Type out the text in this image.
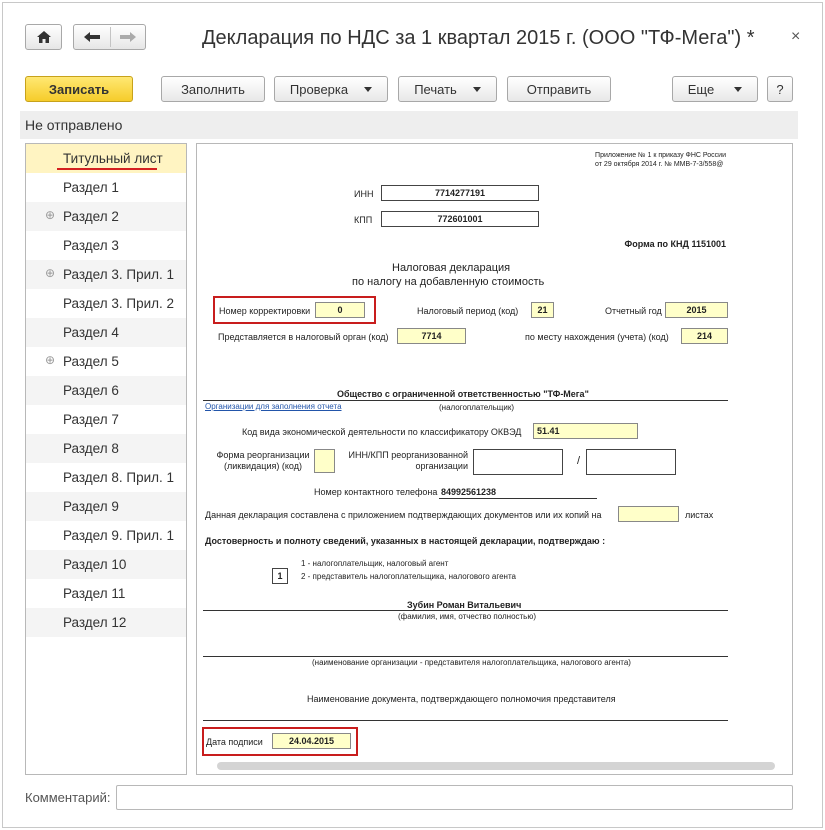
Декларация по НДС за 1 квартал 2015 г. (ООО "ТФ-Мега") * ×
Записать	Заполнить	Проверка	Печать	Отправить	Еще	?
Не отправлено
Титульный лист
Раздел 1
⊕ Раздел 2
Раздел 3
⊕ Раздел 3. Прил. 1
Раздел 3. Прил. 2
Раздел 4
⊕ Раздел 5
Раздел 6
Раздел 7
Раздел 8
Раздел 8. Прил. 1
Раздел 9
Раздел 9. Прил. 1
Раздел 10
Раздел 11
Раздел 12
Приложение № 1 к приказу ФНС России
от 29 октября 2014 г. № ММВ-7-3/558@
ИНН	7714277191
КПП	772601001
Форма по КНД 1151001
Налоговая декларация
по налогу на добавленную стоимость
Номер корректировки	0	Налоговый период (код)	21	Отчетный год	2015
Представляется в налоговый орган (код)	7714	по месту нахождения (учета) (код)	214
Общество с ограниченной ответственностью "ТФ-Мега"
Организации для заполнения отчета	(налогоплательщик)
Код вида экономической деятельности по классификатору ОКВЭД	51.41
Форма реорганизации
(ликвидация) (код)
ИНН/КПП реорганизованной
организации	/
Номер контактного телефона 84992561238
Данная декларация составлена с приложением подтверждающих документов или их копий на	листах
Достоверность и полноту сведений, указанных в настоящей декларации, подтверждаю :
1
1 - налогоплательщик, налоговый агент
2 - представитель налогоплательщика, налогового агента
Зубин Роман Витальевич
(фамилия, имя, отчество полностью)
(наименование организации - представителя налогоплательщика, налогового агента)
Наименование документа, подтверждающего полномочия представителя
Дата подписи	24.04.2015
Комментарий:
